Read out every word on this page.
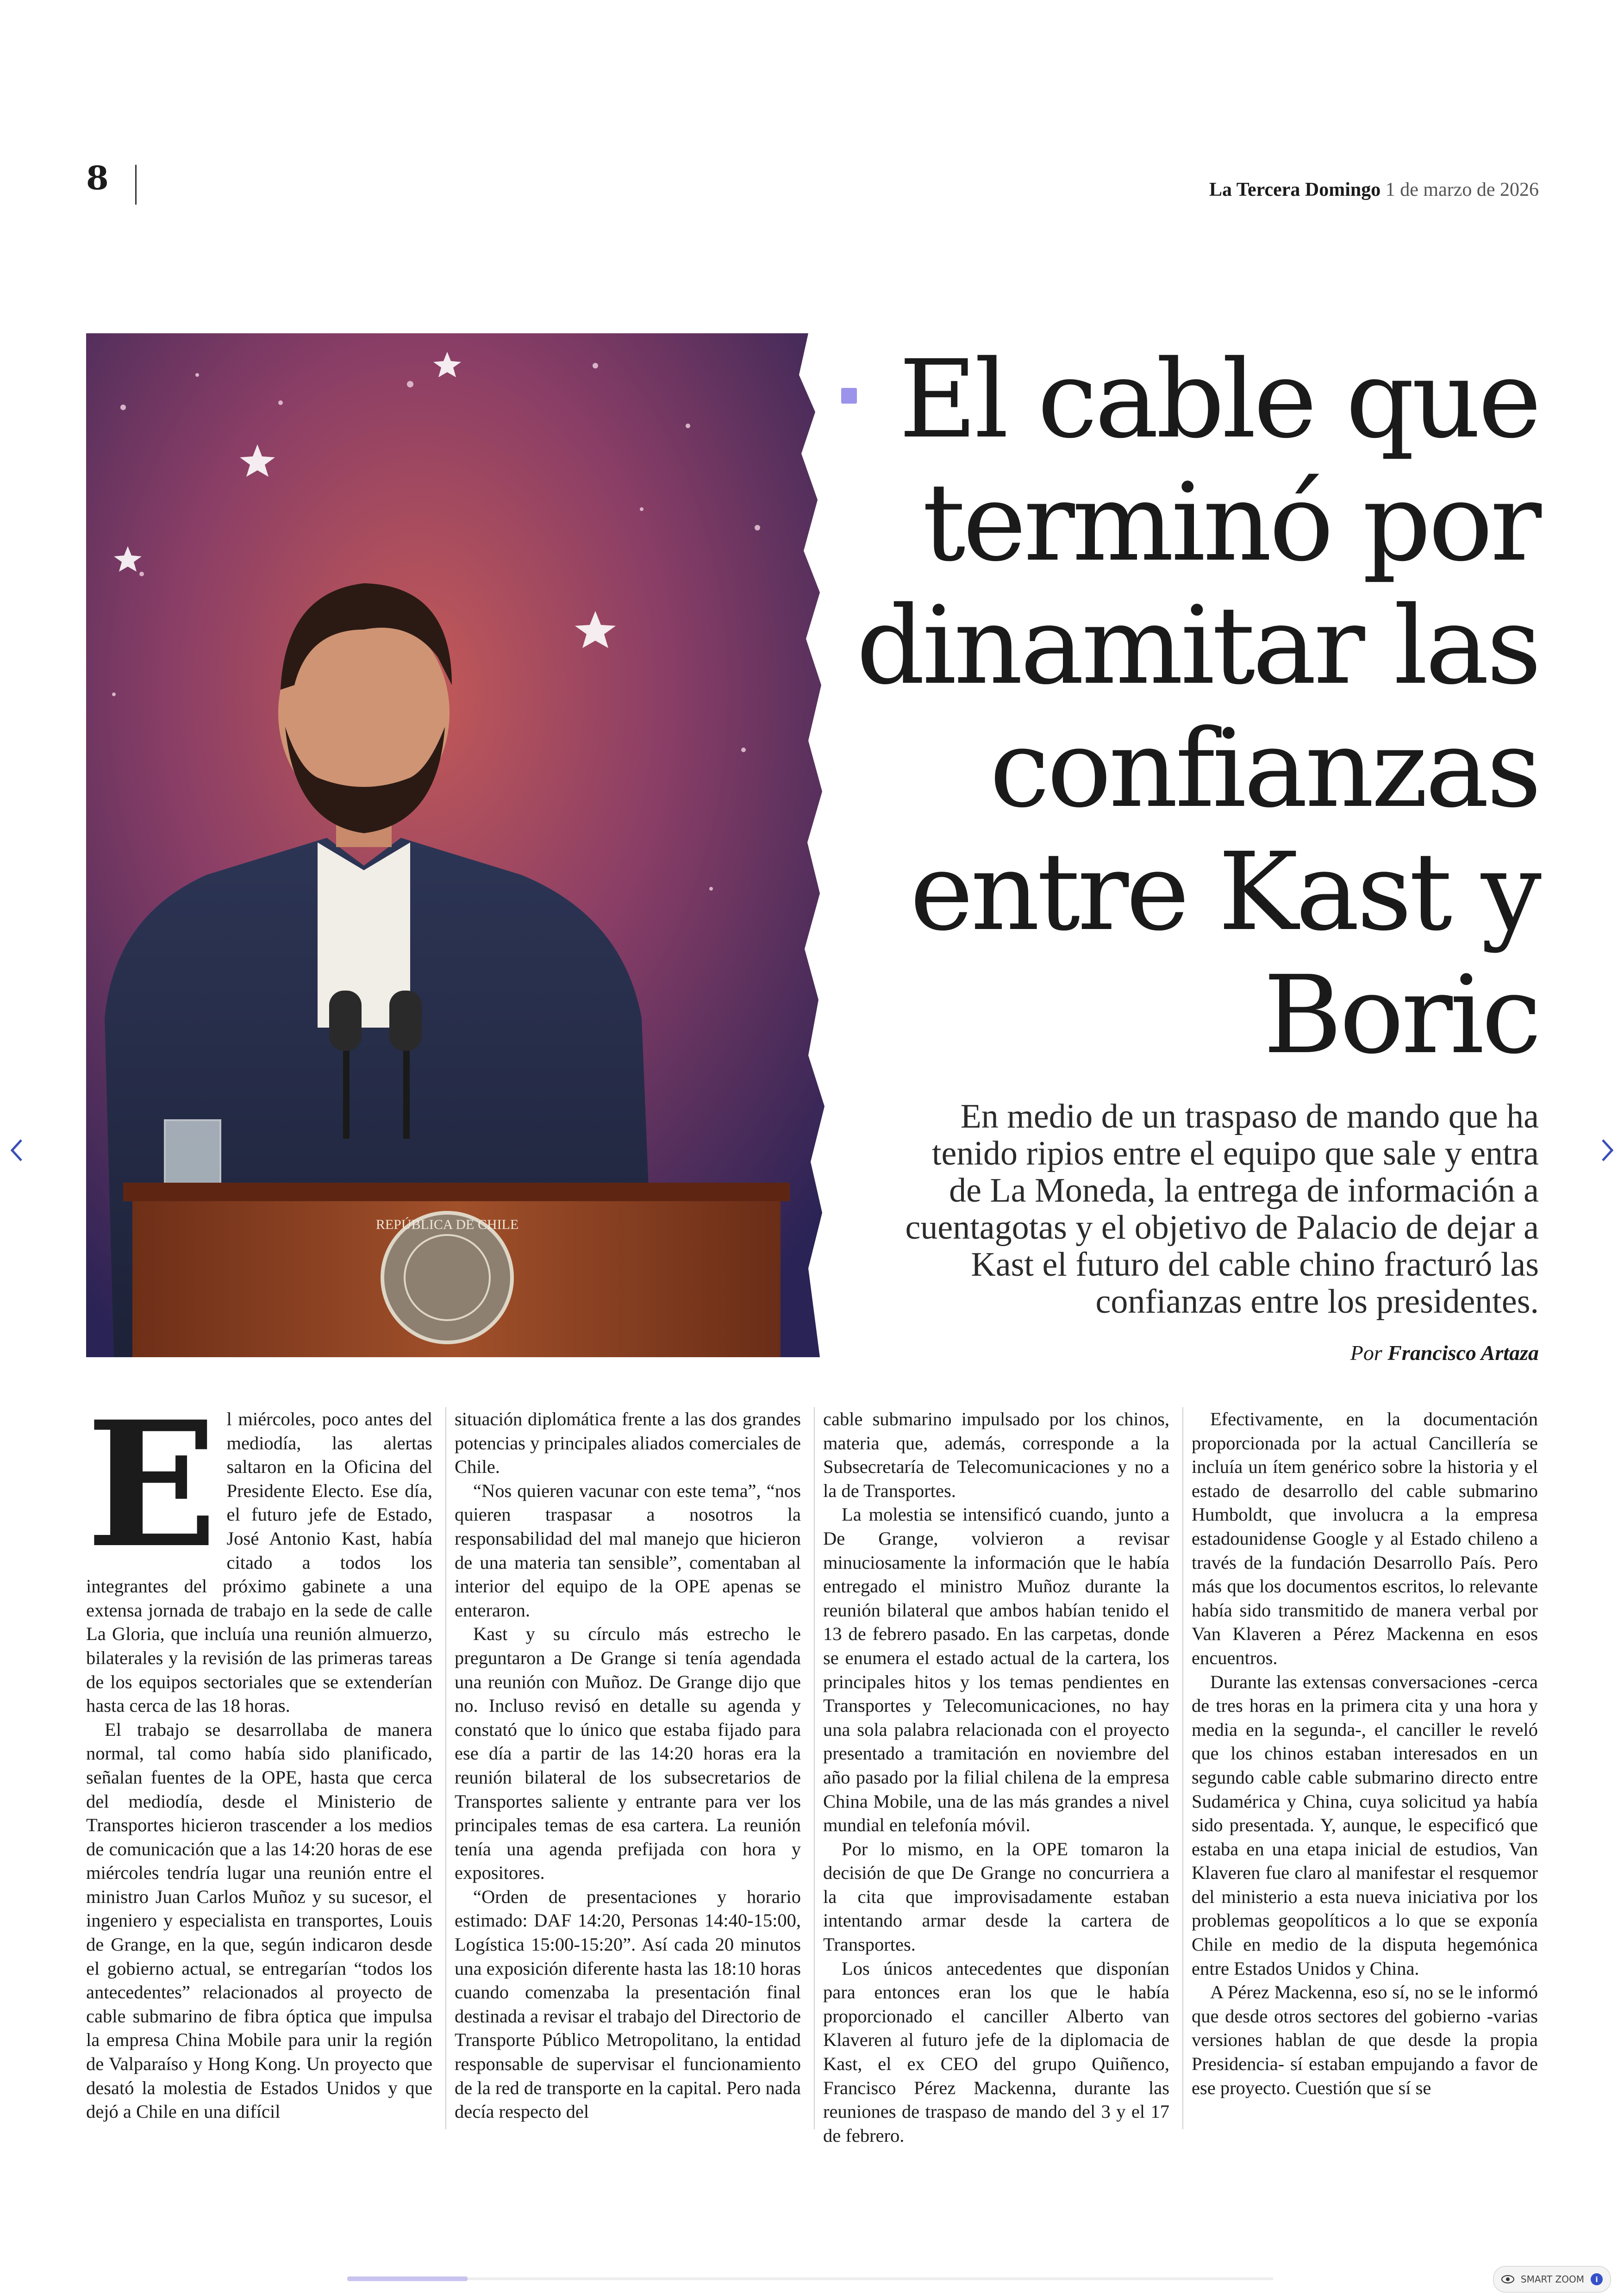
8	La Tercera Domingo 1 de marzo de 2026
REPÚBLICA DE CHILE
El cable que terminó por dinamitar las confianzas entre Kast y Boric
En medio de un traspaso de mando que ha tenido ripios entre el equipo que sale y entra de La Moneda, la entrega de información a cuentagotas y el objetivo de Palacio de dejar a Kast el futuro del cable chino fracturó las confianzas entre los presidentes.
Por Francisco Artaza
E l miércoles, poco antes del mediodía, las alertas saltaron en la Oficina del Presidente Electo. Ese día, el futuro jefe de Estado, José Antonio Kast, había citado a todos los integrantes del próximo gabinete a una extensa jornada de trabajo en la sede de calle La Gloria, que incluía una reunión almuerzo, bilaterales y la revisión de las primeras tareas de los equipos sectoriales que se extenderían hasta cerca de las 18 horas.

El trabajo se desarrollaba de manera normal, tal como había sido planificado, señalan fuentes de la OPE, hasta que cerca del mediodía, desde el Ministerio de Transportes hicieron trascender a los medios de comunicación que a las 14:20 horas de ese miércoles tendría lugar una reunión entre el ministro Juan Carlos Muñoz y su sucesor, el ingeniero y especialista en transportes, Louis de Grange, en la que, según indicaron desde el gobierno actual, se entregarían “todos los antecedentes” relacionados al proyecto de cable submarino de fibra óptica que impulsa la empresa China Mobile para unir la región de Valparaíso y Hong Kong. Un proyecto que desató la molestia de Estados Unidos y que dejó a Chile en una difícil

situación diplomática frente a las dos grandes potencias y principales aliados comerciales de Chile.

“Nos quieren vacunar con este tema”, “nos quieren traspasar a nosotros la responsabilidad del mal manejo que hicieron de una materia tan sensible”, comentaban al interior del equipo de la OPE apenas se enteraron.

Kast y su círculo más estrecho le preguntaron a De Grange si tenía agendada una reunión con Muñoz. De Grange dijo que no. Incluso revisó en detalle su agenda y constató que lo único que estaba fijado para ese día a partir de las 14:20 horas era la reunión bilateral de los subsecretarios de Transportes saliente y entrante para ver los principales temas de esa cartera. La reunión tenía una agenda prefijada con hora y expositores.

“Orden de presentaciones y horario estimado: DAF 14:20, Personas 14:40-15:00, Logística 15:00-15:20”. Así cada 20 minutos una exposición diferente hasta las 18:10 horas cuando comenzaba la presentación final destinada a revisar el trabajo del Directorio de Transporte Público Metropolitano, la entidad responsable de supervisar el funcionamiento de la red de transporte en la capital. Pero nada decía respecto del

cable submarino impulsado por los chinos, materia que, además, corresponde a la Subsecretaría de Telecomunicaciones y no a la de Transportes.

La molestia se intensificó cuando, junto a De Grange, volvieron a revisar minuciosamente la información que le había entregado el ministro Muñoz durante la reunión bilateral que ambos habían tenido el 13 de febrero pasado. En las carpetas, donde se enumera el estado actual de la cartera, los principales hitos y los temas pendientes en Transportes y Telecomunicaciones, no hay una sola palabra relacionada con el proyecto presentado a tramitación en noviembre del año pasado por la filial chilena de la empresa China Mobile, una de las más grandes a nivel mundial en telefonía móvil.

Por lo mismo, en la OPE tomaron la decisión de que De Grange no concurriera a la cita que improvisadamente estaban intentando armar desde la cartera de Transportes.

Los únicos antecedentes que disponían para entonces eran los que le había proporcionado el canciller Alberto van Klaveren al futuro jefe de la diplomacia de Kast, el ex CEO del grupo Quiñenco, Francisco Pérez Mackenna, durante las reuniones de traspaso de mando del 3 y el 17 de febrero.

Efectivamente, en la documentación proporcionada por la actual Cancillería se incluía un ítem genérico sobre la historia y el estado de desarrollo del cable submarino Humboldt, que involucra a la empresa estadounidense Google y al Estado chileno a través de la fundación Desarrollo País. Pero más que los documentos escritos, lo relevante había sido transmitido de manera verbal por Van Klaveren a Pérez Mackenna en esos encuentros.

Durante las extensas conversaciones -cerca de tres horas en la primera cita y una hora y media en la segunda-, el canciller le reveló que los chinos estaban interesados en un segundo cable cable submarino directo entre Sudamérica y China, cuya solicitud ya había sido presentada. Y, aunque, le especificó que estaba en una etapa inicial de estudios, Van Klaveren fue claro al manifestar el resquemor del ministerio a esta nueva iniciativa por los problemas geopolíticos a lo que se exponía Chile en medio de la disputa hegemónica entre Estados Unidos y China.

A Pérez Mackenna, eso sí, no se le informó que desde otros sectores del gobierno -varias versiones hablan de que desde la propia Presidencia- sí estaban empujando a favor de ese proyecto. Cuestión que sí se

SMART ZOOM	i
